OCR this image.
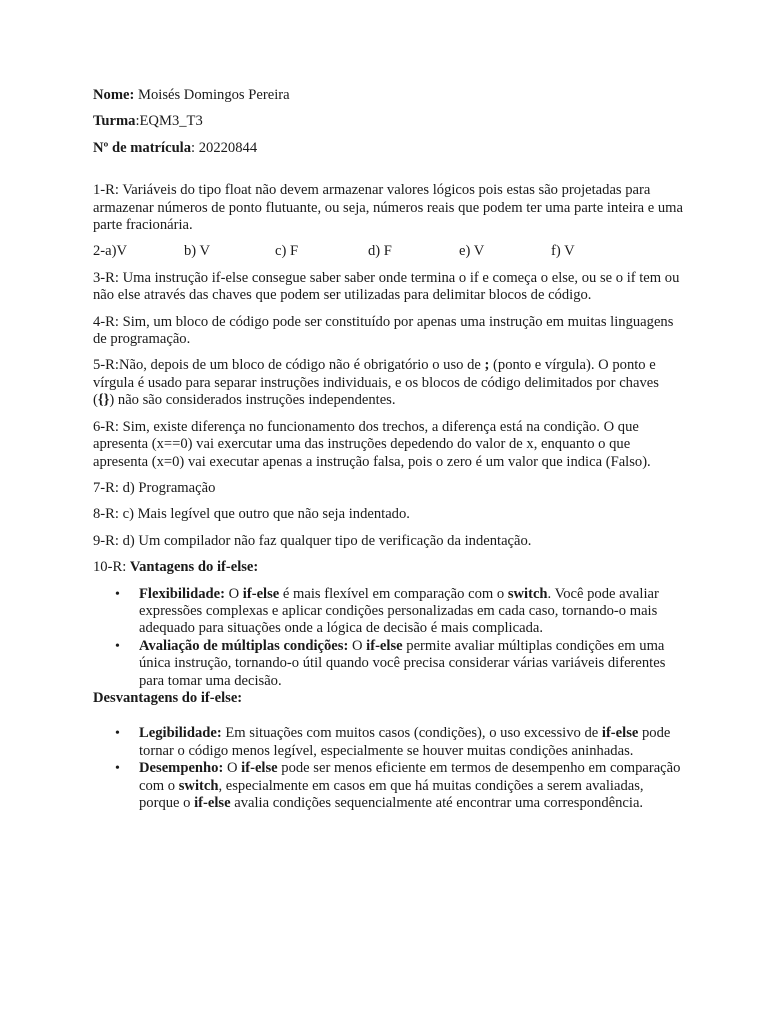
Nome: Moisés Domingos Pereira

Turma:EQM3_T3

Nº de matrícula: 20220844

1-R: Variáveis do tipo float não devem armazenar valores lógicos pois estas são projetadas para armazenar números de ponto flutuante, ou seja, números reais que podem ter uma parte inteira e uma parte fracionária.

2-a)V	b) V	c) F	d) F	e) V	f) V

3-R: Uma instrução if-else consegue saber saber onde termina o if e começa o else, ou se o if tem ou não else através das chaves que podem ser utilizadas para delimitar blocos de código.

4-R: Sim, um bloco de código pode ser constituído por apenas uma instrução em muitas linguagens de programação.

5-R:Não, depois de um bloco de código não é obrigatório o uso de ; (ponto e vírgula). O ponto e vírgula é usado para separar instruções individuais, e os blocos de código delimitados por chaves ({}) não são considerados instruções independentes.

6-R: Sim, existe diferença no funcionamento dos trechos, a diferença está na condição. O que apresenta (x==0) vai exercutar uma das instruções depedendo do valor de x, enquanto o que apresenta (x=0) vai executar apenas a instrução falsa, pois o zero é um valor que indica (Falso).

7-R: d) Programação

8-R: c) Mais legível que outro que não seja indentado.

9-R: d) Um compilador não faz qualquer tipo de verificação da indentação.

10-R: Vantagens do if-else:

• Flexibilidade: O if-else é mais flexível em comparação com o switch. Você pode avaliar expressões complexas e aplicar condições personalizadas em cada caso, tornando-o mais adequado para situações onde a lógica de decisão é mais complicada.
• Avaliação de múltiplas condições: O if-else permite avaliar múltiplas condições em uma única instrução, tornando-o útil quando você precisa considerar várias variáveis diferentes para tomar uma decisão.

Desvantagens do if-else:

• Legibilidade: Em situações com muitos casos (condições), o uso excessivo de if-else pode tornar o código menos legível, especialmente se houver muitas condições aninhadas.
• Desempenho: O if-else pode ser menos eficiente em termos de desempenho em comparação com o switch, especialmente em casos em que há muitas condições a serem avaliadas, porque o if-else avalia condições sequencialmente até encontrar uma correspondência.
